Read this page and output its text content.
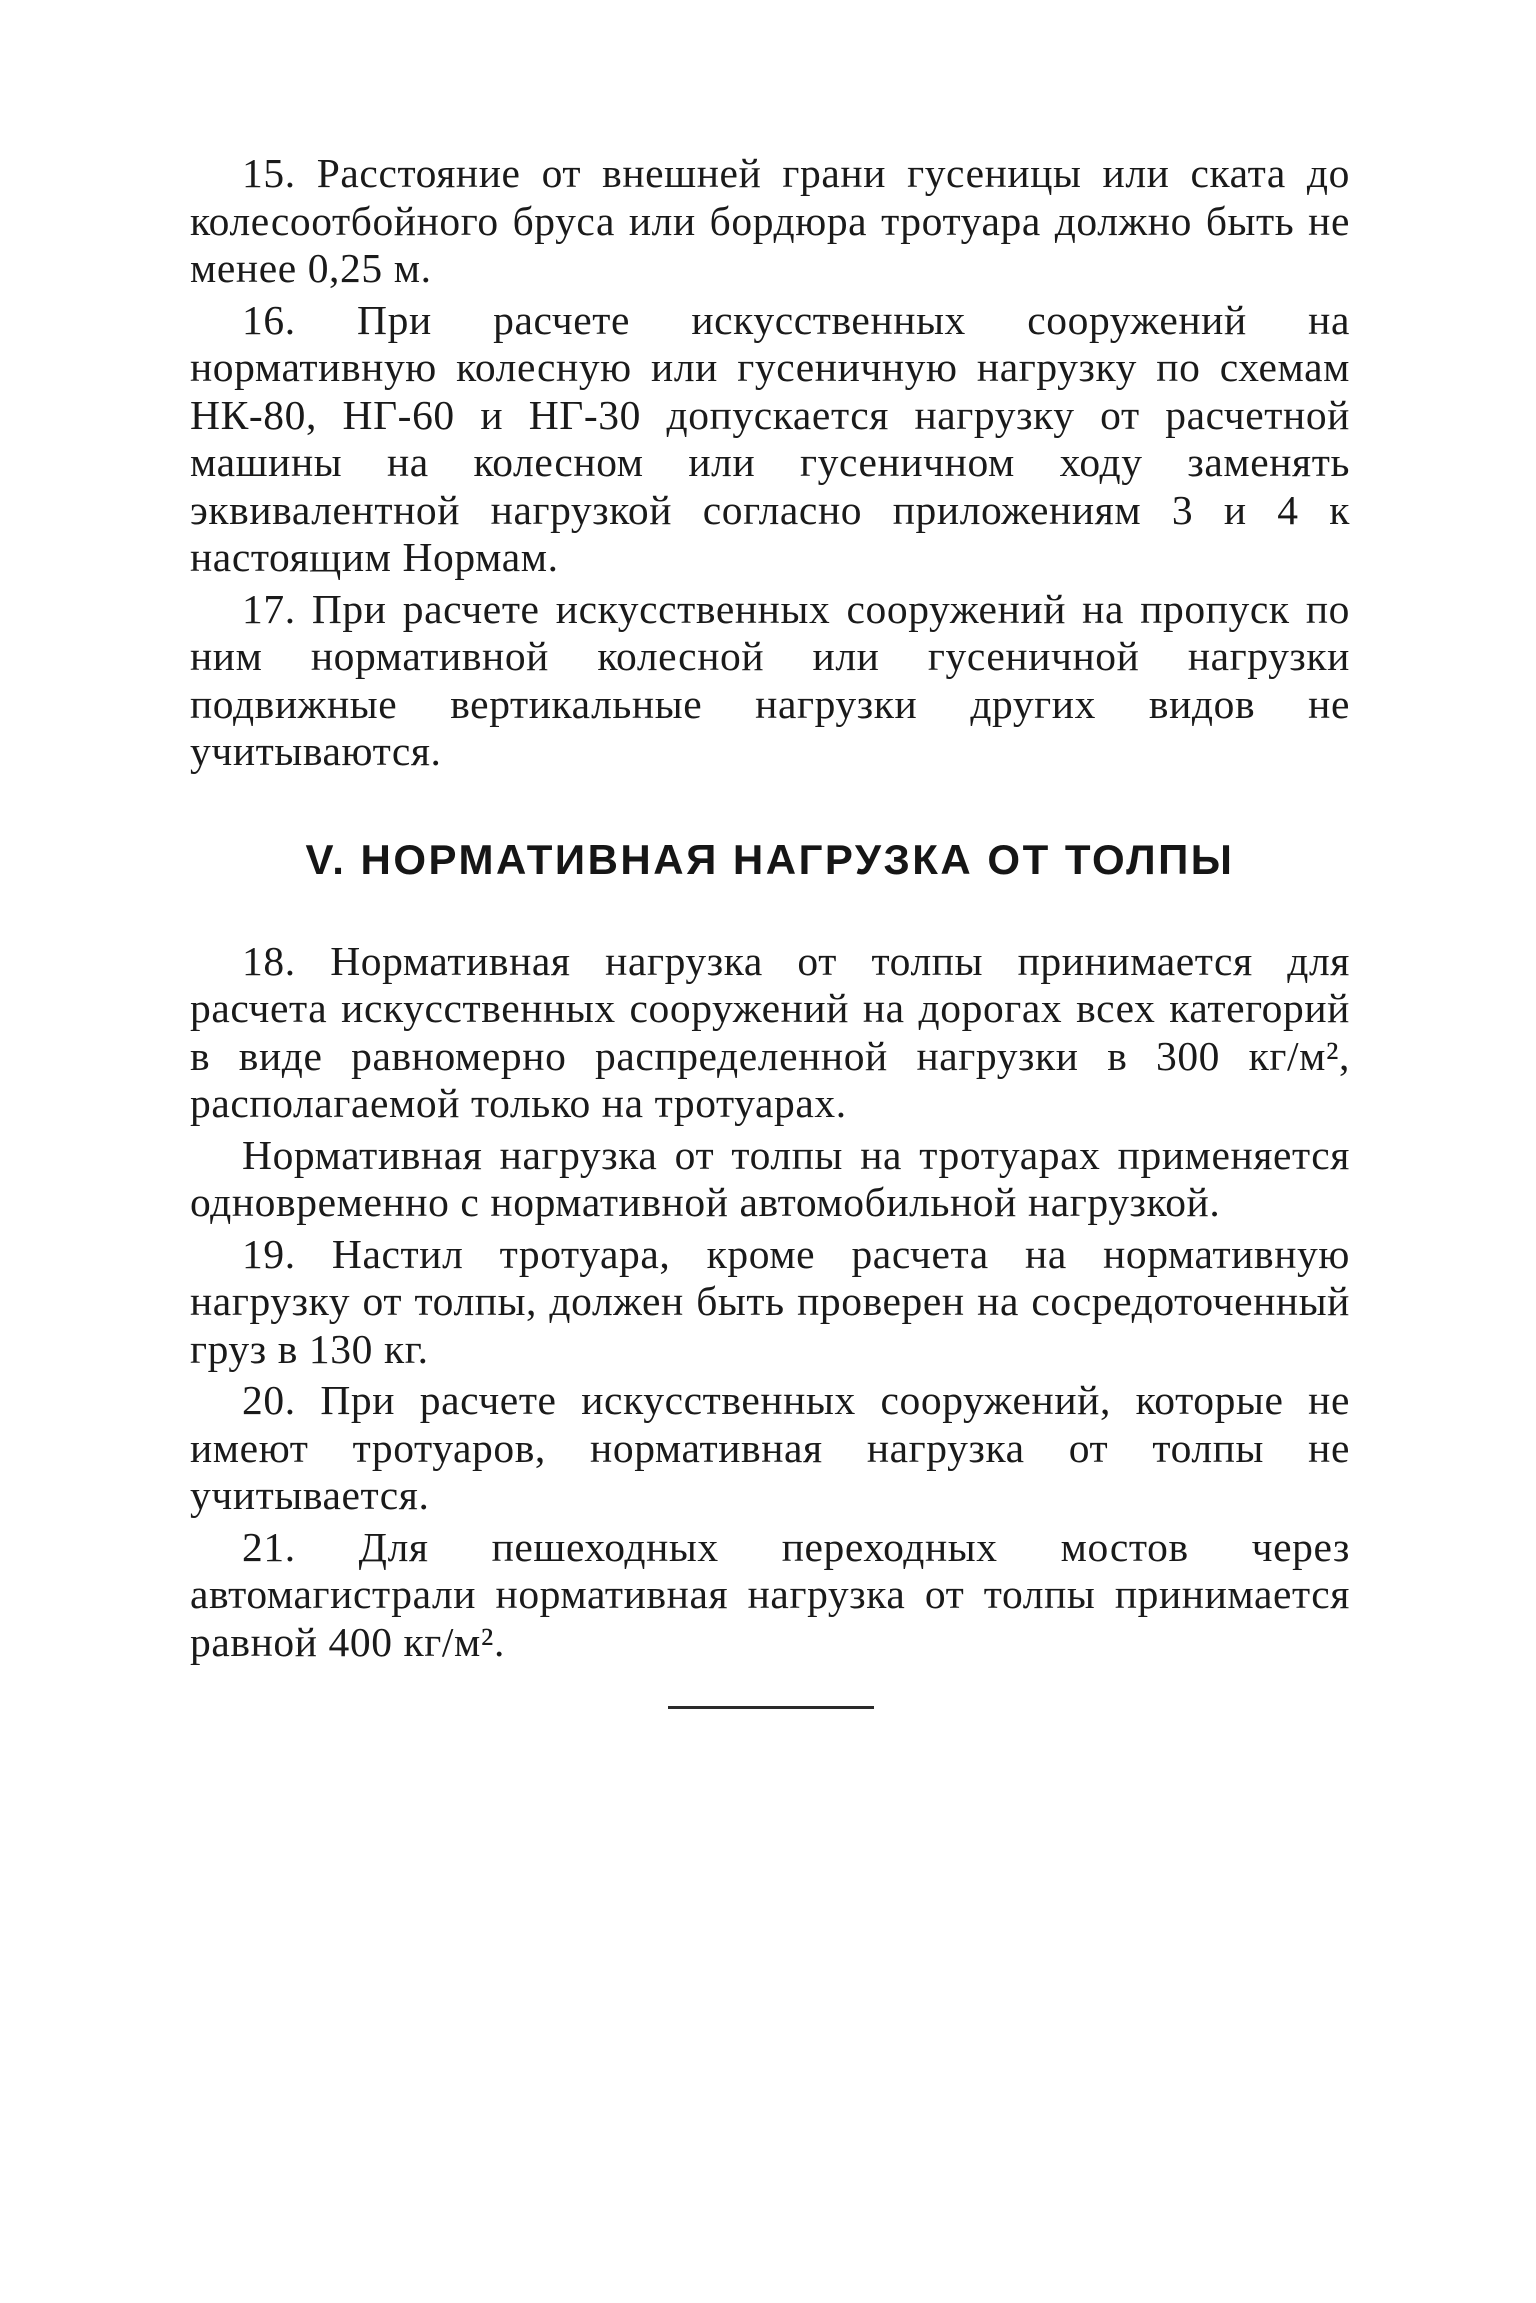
15. Расстояние от внешней грани гусеницы или ската до колесоотбойного бруса или бордюра тротуара должно быть не менее 0,25 м.

16. При расчете искусственных сооружений на нормативную колесную или гусеничную нагрузку по схемам НК-80, НГ-60 и НГ-30 допускается нагрузку от расчетной машины на колесном или гусеничном ходу заменять эквивалентной нагрузкой согласно приложениям 3 и 4 к настоящим Нормам.

17. При расчете искусственных сооружений на пропуск по ним нормативной колесной или гусеничной нагрузки подвижные вертикальные нагрузки других видов не учитываются.

V. НОРМАТИВНАЯ НАГРУЗКА ОТ ТОЛПЫ

18. Нормативная нагрузка от толпы принимается для расчета искусственных сооружений на дорогах всех категорий в виде равномерно распределенной нагрузки в 300 кг/м², располагаемой только на тротуарах.

Нормативная нагрузка от толпы на тротуарах применяется одновременно с нормативной автомобильной нагрузкой.

19. Настил тротуара, кроме расчета на нормативную нагрузку от толпы, должен быть проверен на сосредоточенный груз в 130 кг.

20. При расчете искусственных сооружений, которые не имеют тротуаров, нормативная нагрузка от толпы не учитывается.

21. Для пешеходных переходных мостов через автомагистрали нормативная нагрузка от толпы принимается равной 400 кг/м².
